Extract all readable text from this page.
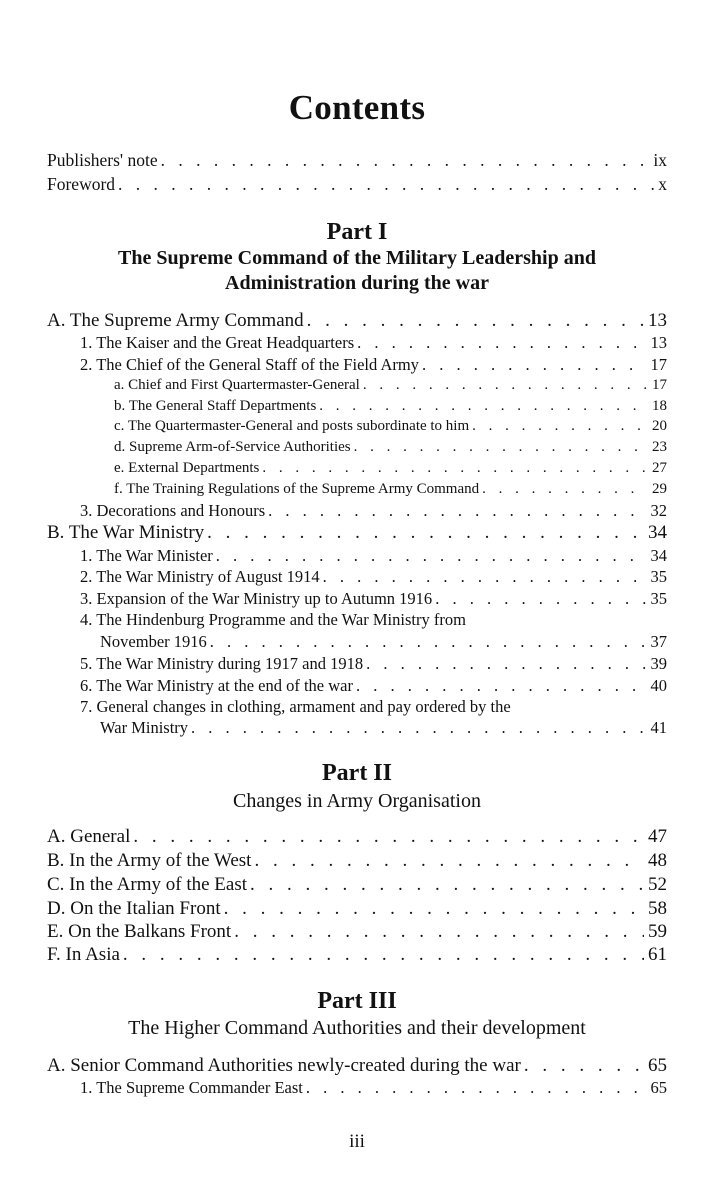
Contents
Publishers' note . . .	ix
Foreword . . .	x
Part I
The Supreme Command of the Military Leadership and
Administration during the war
A. The Supreme Army Command . . .	13
1. The Kaiser and the Great Headquarters . . .	13
2. The Chief of the General Staff of the Field Army . . .	17
a. Chief and First Quartermaster-General . . .	17
b. The General Staff Departments . . .	18
c. The Quartermaster-General and posts subordinate to him . . .	20
d. Supreme Arm-of-Service Authorities . . .	23
e. External Departments . . .	27
f. The Training Regulations of the Supreme Army Command . . .	29
3. Decorations and Honours . . .	32
B. The War Ministry . . .	34
1. The War Minister . . .	34
2. The War Ministry of August 1914 . . .	35
3. Expansion of the War Ministry up to Autumn 1916 . . .	35
4. The Hindenburg Programme and the War Ministry from
November 1916 . . .	37
5. The War Ministry during 1917 and 1918 . . .	39
6. The War Ministry at the end of the war . . .	40
7. General changes in clothing, armament and pay ordered by the
War Ministry . . .	41
Part II
Changes in Army Organisation
A. General . . .	47
B. In the Army of the West . . .	48
C. In the Army of the East . . .	52
D. On the Italian Front . . .	58
E. On the Balkans Front . . .	59
F. In Asia . . .	61
Part III
The Higher Command Authorities and their development
A. Senior Command Authorities newly-created during the war . . .	65
1. The Supreme Commander East . . .	65
iii
